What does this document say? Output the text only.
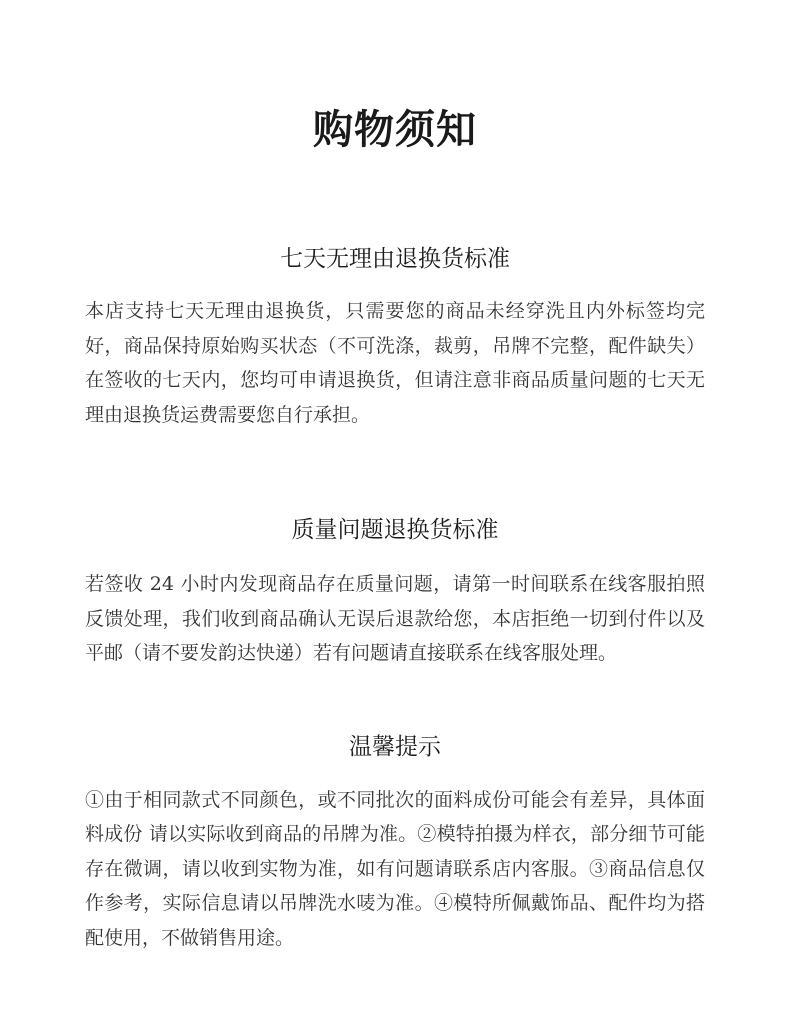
购物须知
七天无理由退换货标准

本店支持七天无理由退换货，只需要您的商品未经穿洗且内外标签均完好，商品保持原始购买状态（不可洗涤，裁剪，吊牌不完整，配件缺失）在签收的七天内，您均可申请退换货，但请注意非商品质量问题的七天无理由退换货运费需要您自行承担。

质量问题退换货标准

若签收 24 小时内发现商品存在质量问题，请第一时间联系在线客服拍照反馈处理，我们收到商品确认无误后退款给您，本店拒绝一切到付件以及平邮（请不要发韵达快递）若有问题请直接联系在线客服处理。

温馨提示

①由于相同款式不同颜色，或不同批次的面料成份可能会有差异，具体面料成份 请以实际收到商品的吊牌为准。②模特拍摄为样衣，部分细节可能存在微调，请以收到实物为准，如有问题请联系店内客服。③商品信息仅作参考，实际信息请以吊牌洗水唛为准。④模特所佩戴饰品、配件均为搭配使用，不做销售用途。
